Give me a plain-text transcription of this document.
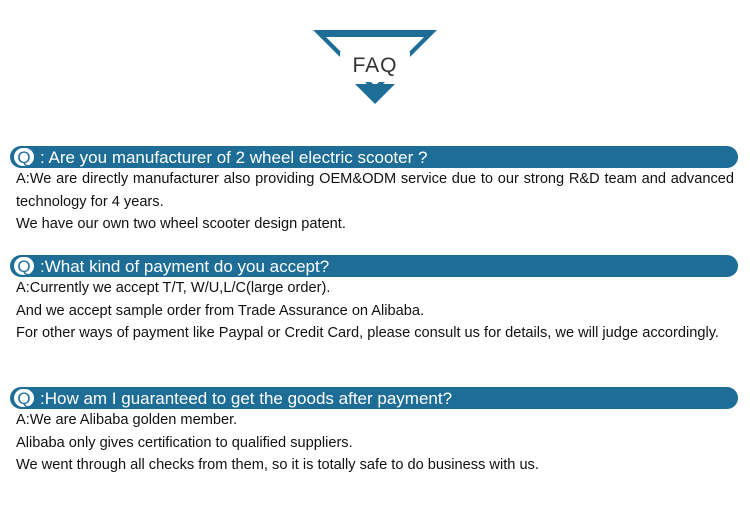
FAQ
Q : Are you manufacturer of 2 wheel electric scooter ?

A:We are directly manufacturer also providing OEM&ODM service due to our strong R&D team and advanced technology for 4 years.

We have our own two wheel scooter design patent.

Q :What kind of payment do you accept?

A:Currently we accept T/T, W/U,L/C(large order).

And we accept sample order from Trade Assurance on Alibaba.

For other ways of payment like Paypal or Credit Card, please consult us for details, we will judge accordingly.

Q :How am I guaranteed to get the goods after payment?

A:We are Alibaba golden member.

Alibaba only gives certification to qualified suppliers.

We went through all checks from them, so it is totally safe to do business with us.
